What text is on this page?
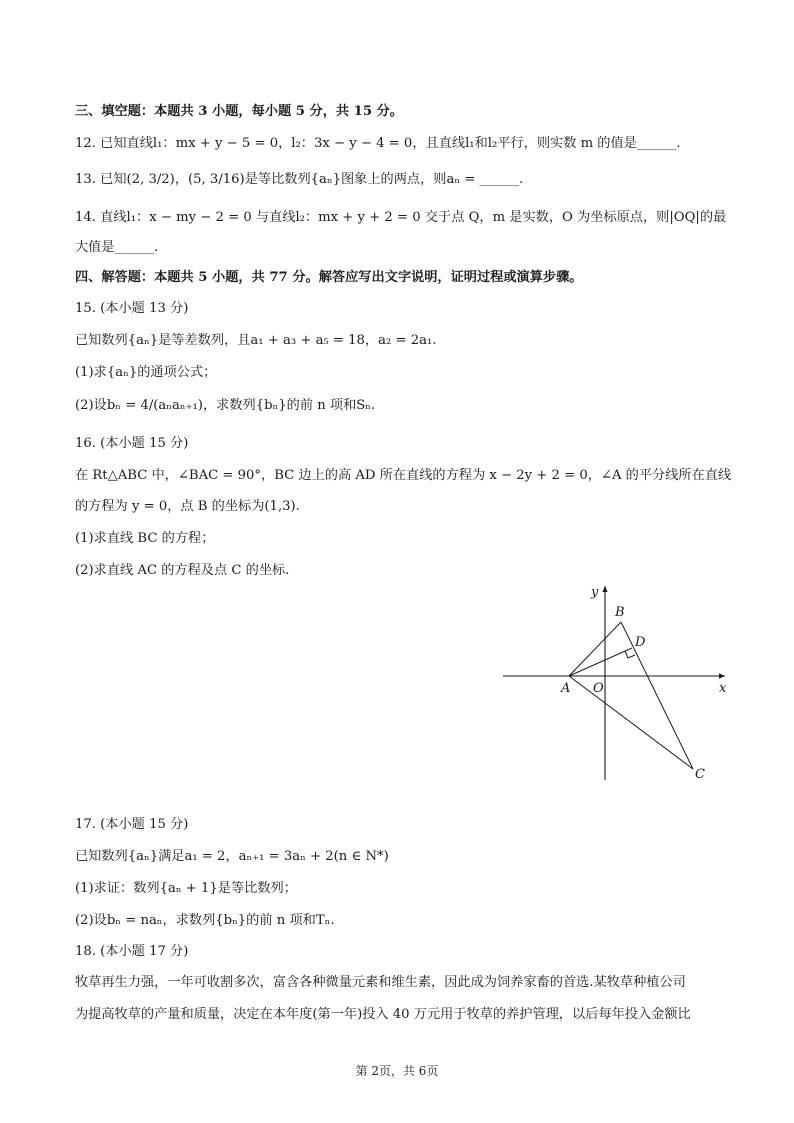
三、填空题：本题共 3 小题，每小题 5 分，共 15 分。
12. 已知直线l₁：mx + y − 5 = 0，l₂：3x − y − 4 = 0，且直线l₁和l₂平行，则实数 m 的值是______.
13. 已知(2, 3/2)，(5, 3/16)是等比数列{aₙ}图象上的两点，则aₙ = ______.
14. 直线l₁：x − my − 2 = 0 与直线l₂：mx + y + 2 = 0 交于点 Q，m 是实数，O 为坐标原点，则|OQ|的最
大值是______.
四、解答题：本题共 5 小题，共 77 分。解答应写出文字说明，证明过程或演算步骤。
15. (本小题 13 分)
已知数列{aₙ}是等差数列，且a₁ + a₃ + a₅ = 18，a₂ = 2a₁.
(1)求{aₙ}的通项公式；
(2)设bₙ = 4/(aₙaₙ₊₁)，求数列{bₙ}的前 n 项和Sₙ.
16. (本小题 15 分)
在 Rt△ABC 中，∠BAC = 90°，BC 边上的高 AD 所在直线的方程为 x − 2y + 2 = 0，∠A 的平分线所在直线
的方程为 y = 0，点 B 的坐标为(1,3).
(1)求直线 BC 的方程；
(2)求直线 AC 的方程及点 C 的坐标.
y
x
B
D
A O
C
17. (本小题 15 分)
已知数列{aₙ}满足a₁ = 2，aₙ₊₁ = 3aₙ + 2(n ∈ N*)
(1)求证：数列{aₙ + 1}是等比数列；
(2)设bₙ = naₙ，求数列{bₙ}的前 n 项和Tₙ.
18. (本小题 17 分)
牧草再生力强，一年可收割多次，富含各种微量元素和维生素，因此成为饲养家畜的首选.某牧草种植公司
为提高牧草的产量和质量，决定在本年度(第一年)投入 40 万元用于牧草的养护管理，以后每年投入金额比
第 2页，共 6页
